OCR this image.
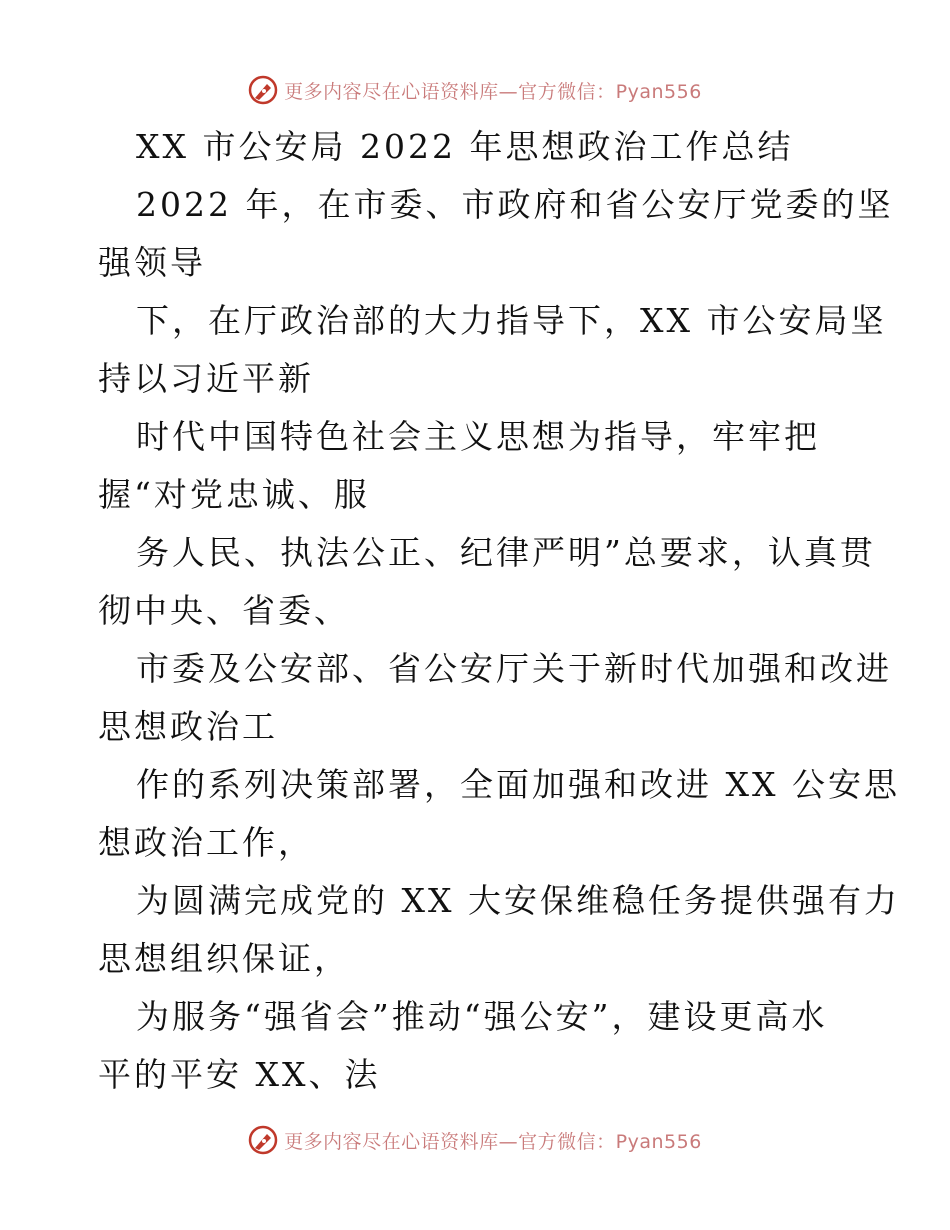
更多内容尽在心语资料库—官方微信：Pyan556
XX 市公安局 2022 年思想政治工作总结
2022 年，在市委、市政府和省公安厅党委的坚
强领导
下，在厅政治部的大力指导下，XX 市公安局坚
持以习近平新
时代中国特色社会主义思想为指导，牢牢把
握“对党忠诚、服
务人民、执法公正、纪律严明”总要求，认真贯
彻中央、省委、
市委及公安部、省公安厅关于新时代加强和改进
思想政治工
作的系列决策部署，全面加强和改进 XX 公安思
想政治工作，
为圆满完成党的 XX 大安保维稳任务提供强有力
思想组织保证，
为服务“强省会”推动“强公安”，建设更高水
平的平安 XX、法
更多内容尽在心语资料库—官方微信：Pyan556
